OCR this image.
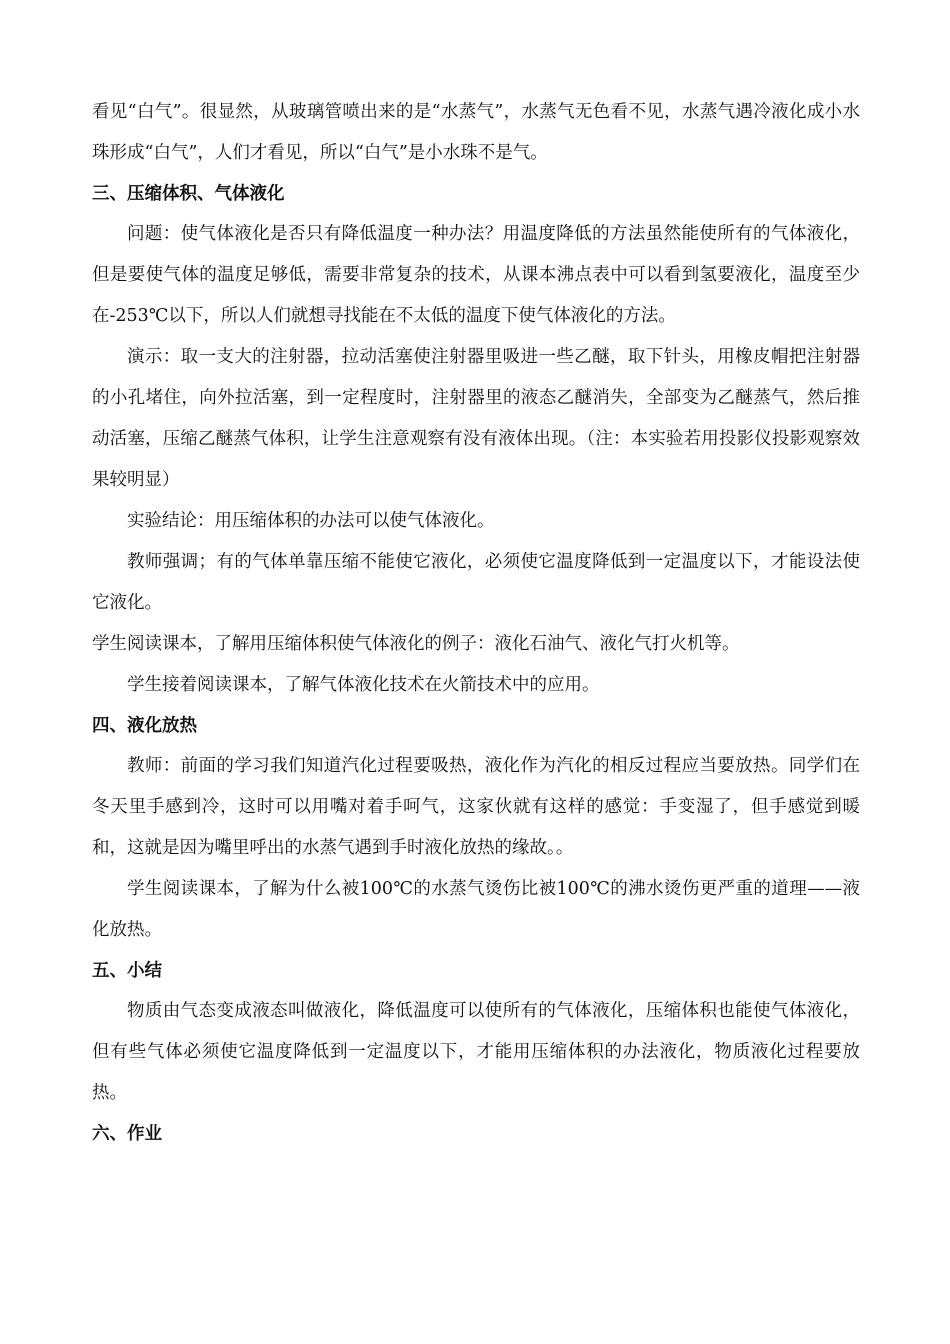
看见“白气”。很显然，从玻璃管喷出来的是“水蒸气”，水蒸气无色看不见，水蒸气遇冷液化成小水珠形成“白气”，人们才看见，所以“白气”是小水珠不是气。

三、压缩体积、气体液化

问题：使气体液化是否只有降低温度一种办法？用温度降低的方法虽然能使所有的气体液化，但是要使气体的温度足够低，需要非常复杂的技术，从课本沸点表中可以看到氢要液化，温度至少在-253℃以下，所以人们就想寻找能在不太低的温度下使气体液化的方法。

演示：取一支大的注射器，拉动活塞使注射器里吸进一些乙醚，取下针头，用橡皮帽把注射器的小孔堵住，向外拉活塞，到一定程度时，注射器里的液态乙醚消失，全部变为乙醚蒸气，然后推动活塞，压缩乙醚蒸气体积，让学生注意观察有没有液体出现。（注：本实验若用投影仪投影观察效果较明显）

实验结论：用压缩体积的办法可以使气体液化。

教师强调；有的气体单靠压缩不能使它液化，必须使它温度降低到一定温度以下，才能设法使它液化。

学生阅读课本，了解用压缩体积使气体液化的例子：液化石油气、液化气打火机等。

学生接着阅读课本，了解气体液化技术在火箭技术中的应用。

四、液化放热

教师：前面的学习我们知道汽化过程要吸热，液化作为汽化的相反过程应当要放热。同学们在冬天里手感到冷，这时可以用嘴对着手呵气，这家伙就有这样的感觉：手变湿了，但手感觉到暖和，这就是因为嘴里呼出的水蒸气遇到手时液化放热的缘故。。

学生阅读课本，了解为什么被100℃的水蒸气烫伤比被100℃的沸水烫伤更严重的道理——液化放热。

五、小结

物质由气态变成液态叫做液化，降低温度可以使所有的气体液化，压缩体积也能使气体液化，但有些气体必须使它温度降低到一定温度以下，才能用压缩体积的办法液化，物质液化过程要放热。

六、作业
